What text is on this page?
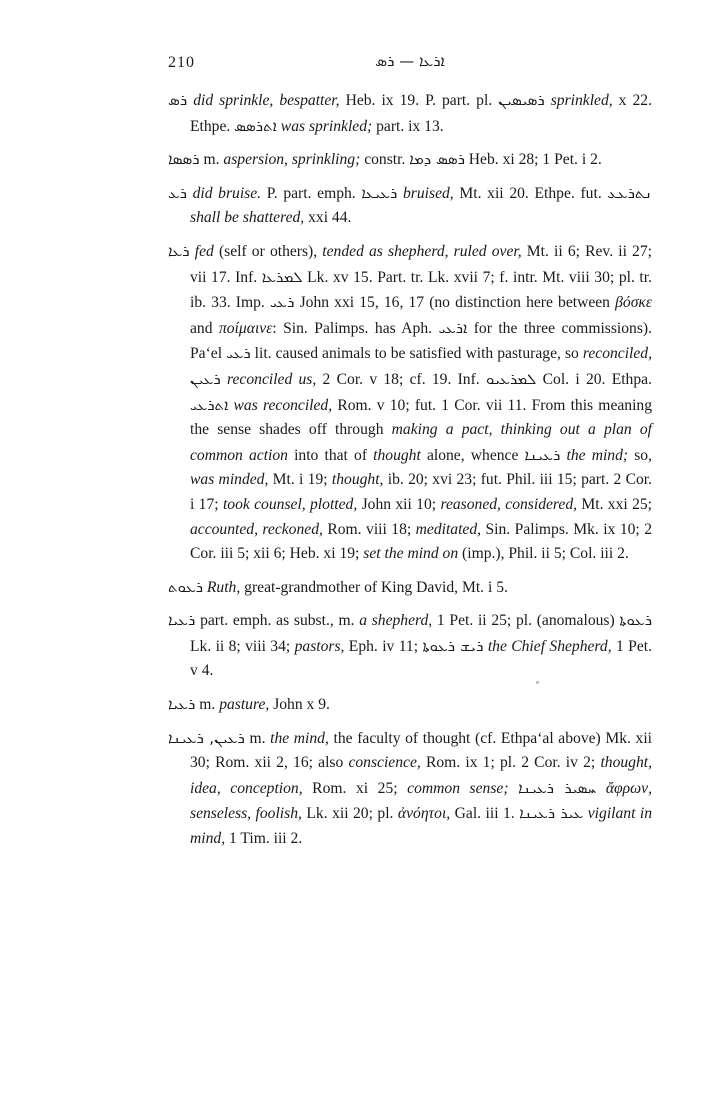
210	ܐܪܥܐ — ܪܣ

ܪܣ did sprinkle, bespatter, Heb. ix 19. P. part. pl. ܪܣܝܣܝܢ sprinkled, x 22. Ethpe. ܐܬܪܣܣ was sprinkled; part. ix 13.

ܪܣܣܐ m. aspersion, sprinkling; constr. ܪܣܣ ܕܡܐ Heb. xi 28; 1 Pet. i 2.

ܪܥ did bruise. P. part. emph. ܪܥܝܥܐ bruised, Mt. xii 20. Ethpe. fut. ܢܬܪܥܥ shall be shattered, xxi 44.

ܪܥܐ fed (self or others), tended as shepherd, ruled over, Mt. ii 6; Rev. ii 27; vii 17. Inf. ܠܡܪܥܐ Lk. xv 15. Part. tr. Lk. xvii 7; f. intr. Mt. viii 30; pl. tr. ib. 33. Imp. ܪܥܝ John xxi 15, 16, 17 (no distinction here between βόσκε and ποίμαινε: Sin. Palimps. has Aph. ܐܪܥܝ for the three commissions). Pa‘el ܪܥܝ lit. caused animals to be satisfied with pasturage, so reconciled, ܪܥܝܢ reconciled us, 2 Cor. v 18; cf. 19. Inf. ܠܡܪܥܝܘ Col. i 20. Ethpa. ܐܬܪܥܝ was reconciled, Rom. v 10; fut. 1 Cor. vii 11. From this meaning the sense shades off through making a pact, thinking out a plan of common action into that of thought alone, whence ܪܥܝܢܐ the mind; so, was minded, Mt. i 19; thought, ib. 20; xvi 23; fut. Phil. iii 15; part. 2 Cor. i 17; took counsel, plotted, John xii 10; reasoned, considered, Mt. xxi 25; accounted, reckoned, Rom. viii 18; meditated, Sin. Palimps. Mk. ix 10; 2 Cor. iii 5; xii 6; Heb. xi 19; set the mind on (imp.), Phil. ii 5; Col. iii 2.

ܪܥܘܬ Ruth, great-grandmother of King David, Mt. i 5.

ܪܥܝܐ part. emph. as subst., m. a shepherd, 1 Pet. ii 25; pl. (anomalous) ܪܥܘܬܐ Lk. ii 8; viii 34; pastors, Eph. iv 11; ܪܝܫ ܪܥܘܬܐ the Chief Shepherd, 1 Pet. v 4.

ܪܥܝܐ m. pasture, John x 9.

ܪܥܝܢ, ܪܥܝܢܐ m. the mind, the faculty of thought (cf. Ethpa‘al above) Mk. xii 30; Rom. xii 2, 16; also conscience, Rom. ix 1; pl. 2 Cor. iv 2; thought, idea, conception, Rom. xi 25; common sense; ܚܣܝܪ ܪܥܝܢܐ ἄφρων, senseless, foolish, Lk. xii 20; pl. ἀνόητοι, Gal. iii 1. ܥܝܪ ܪܥܝܢܐ vigilant in mind, 1 Tim. iii 2.
